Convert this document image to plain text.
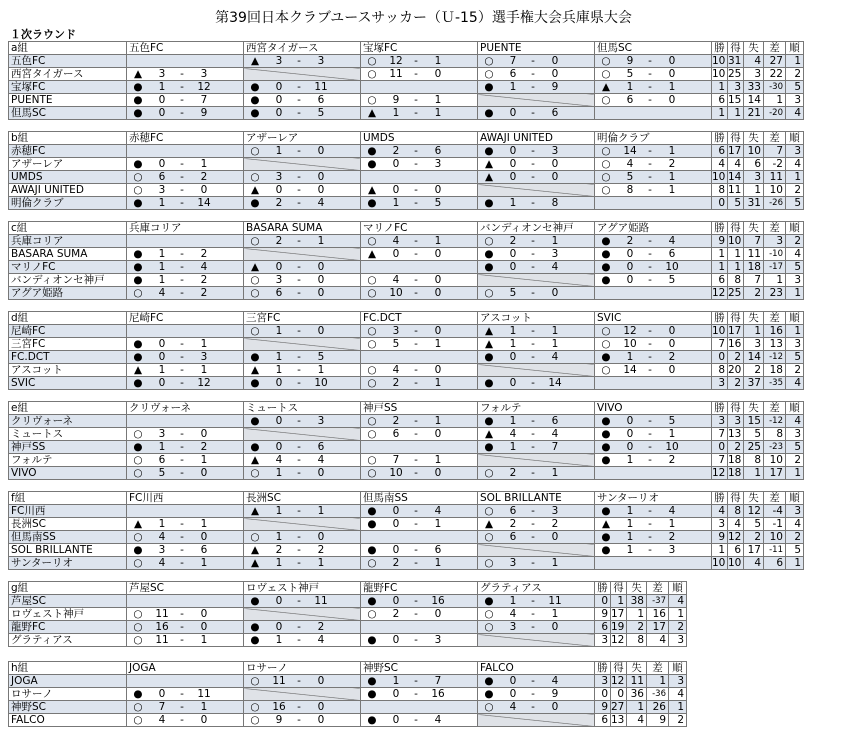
第39回日本クラブユースサッカー（Ｕ‐15）選手権大会兵庫県大会
１次ラウンド
a組	五色FC	西宮タイガース	宝塚FC	PUENTE	但馬SC	勝	得	失	差	順
五色FC		▲ 3 ‐ 3	○ 12 ‐ 1	○ 7 ‐ 0	○ 9 ‐ 0	10	31	4	27	1
西宮タイガース	▲ 3 ‐ 3		○ 11 ‐ 0	○ 6 ‐ 0	○ 5 ‐ 0	10	25	3	22	2
宝塚FC	● 1 ‐ 12	● 0 ‐ 11		● 1 ‐ 9	▲ 1 ‐ 1	1	3	33	-30	5
PUENTE	● 0 ‐ 7	● 0 ‐ 6	○ 9 ‐ 1		○ 6 ‐ 0	6	15	14	1	3
但馬SC	● 0 ‐ 9	● 0 ‐ 5	▲ 1 ‐ 1	● 0 ‐ 6		1	1	21	-20	4
b組	赤穂FC	アザーレア	UMDS	AWAJI UNITED	明倫クラブ	勝	得	失	差	順
赤穂FC		○ 1 ‐ 0	● 2 ‐ 6	● 0 ‐ 3	○ 14 ‐ 1	6	17	10	7	3
アザーレア	● 0 ‐ 1		● 0 ‐ 3	▲ 0 ‐ 0	○ 4 ‐ 2	4	4	6	-2	4
UMDS	○ 6 ‐ 2	○ 3 ‐ 0		▲ 0 ‐ 0	○ 5 ‐ 1	10	14	3	11	1
AWAJI UNITED	○ 3 ‐ 0	▲ 0 ‐ 0	▲ 0 ‐ 0		○ 8 ‐ 1	8	11	1	10	2
明倫クラブ	● 1 ‐ 14	● 2 ‐ 4	● 1 ‐ 5	● 1 ‐ 8		0	5	31	-26	5
c組	兵庫コリア	BASARA SUMA	マリノFC	バンディオンセ神戸	アグア姫路	勝	得	失	差	順
兵庫コリア		○ 2 ‐ 1	○ 4 ‐ 1	○ 2 ‐ 1	● 2 ‐ 4	9	10	7	3	2
BASARA SUMA	● 1 ‐ 2		▲ 0 ‐ 0	● 0 ‐ 3	● 0 ‐ 6	1	1	11	-10	4
マリノFC	● 1 ‐ 4	▲ 0 ‐ 0		● 0 ‐ 4	● 0 ‐ 10	1	1	18	-17	5
バンディオンセ神戸	● 1 ‐ 2	○ 3 ‐ 0	○ 4 ‐ 0		● 0 ‐ 5	6	8	7	1	3
アグア姫路	○ 4 ‐ 2	○ 6 ‐ 0	○ 10 ‐ 0	○ 5 ‐ 0		12	25	2	23	1
d組	尼崎FC	三宮FC	FC.DCT	アスコット	SVIC	勝	得	失	差	順
尼崎FC		○ 1 ‐ 0	○ 3 ‐ 0	▲ 1 ‐ 1	○ 12 ‐ 0	10	17	1	16	1
三宮FC	● 0 ‐ 1		○ 5 ‐ 1	▲ 1 ‐ 1	○ 10 ‐ 0	7	16	3	13	3
FC.DCT	● 0 ‐ 3	● 1 ‐ 5		● 0 ‐ 4	● 1 ‐ 2	0	2	14	-12	5
アスコット	▲ 1 ‐ 1	▲ 1 ‐ 1	○ 4 ‐ 0		○ 14 ‐ 0	8	20	2	18	2
SVIC	● 0 ‐ 12	● 0 ‐ 10	○ 2 ‐ 1	● 0 ‐ 14		3	2	37	-35	4
e組	クリヴォーネ	ミュートス	神戸SS	フォルテ	VIVO	勝	得	失	差	順
クリヴォーネ		● 0 ‐ 3	○ 2 ‐ 1	● 1 ‐ 6	● 0 ‐ 5	3	3	15	-12	4
ミュートス	○ 3 ‐ 0		○ 6 ‐ 0	▲ 4 ‐ 4	● 0 ‐ 1	7	13	5	8	3
神戸SS	● 1 ‐ 2	● 0 ‐ 6		● 1 ‐ 7	● 0 ‐ 10	0	2	25	-23	5
フォルテ	○ 6 ‐ 1	▲ 4 ‐ 4	○ 7 ‐ 1		● 1 ‐ 2	7	18	8	10	2
VIVO	○ 5 ‐ 0	○ 1 ‐ 0	○ 10 ‐ 0	○ 2 ‐ 1		12	18	1	17	1
f組	FC川西	長洲SC	但馬南SS	SOL BRILLANTE	サンターリオ	勝	得	失	差	順
FC川西		▲ 1 ‐ 1	● 0 ‐ 4	○ 6 ‐ 3	● 1 ‐ 4	4	8	12	-4	3
長洲SC	▲ 1 ‐ 1		● 0 ‐ 1	▲ 2 ‐ 2	▲ 1 ‐ 1	3	4	5	-1	4
但馬南SS	○ 4 ‐ 0	○ 1 ‐ 0		○ 6 ‐ 0	● 1 ‐ 2	9	12	2	10	2
SOL BRILLANTE	● 3 ‐ 6	▲ 2 ‐ 2	● 0 ‐ 6		● 1 ‐ 3	1	6	17	-11	5
サンターリオ	○ 4 ‐ 1	▲ 1 ‐ 1	○ 2 ‐ 1	○ 3 ‐ 1		10	10	4	6	1
g組	芦屋SC	ロヴェスト神戸	龍野FC	グラティアス	勝	得	失	差	順
芦屋SC		● 0 ‐ 11	● 0 ‐ 16	● 1 ‐ 11	0	1	38	-37	4
ロヴェスト神戸	○ 11 ‐ 0		○ 2 ‐ 0	○ 4 ‐ 1	9	17	1	16	1
龍野FC	○ 16 ‐ 0	● 0 ‐ 2		○ 3 ‐ 0	6	19	2	17	2
グラティアス	○ 11 ‐ 1	● 1 ‐ 4	● 0 ‐ 3		3	12	8	4	3
h組	JOGA	ロサーノ	神野SC	FALCO	勝	得	失	差	順
JOGA		○ 11 ‐ 0	● 1 ‐ 7	● 0 ‐ 4	3	12	11	1	3
ロサーノ	● 0 ‐ 11		● 0 ‐ 16	● 0 ‐ 9	0	0	36	-36	4
神野SC	○ 7 ‐ 1	○ 16 ‐ 0		○ 4 ‐ 0	9	27	1	26	1
FALCO	○ 4 ‐ 0	○ 9 ‐ 0	● 0 ‐ 4		6	13	4	9	2
